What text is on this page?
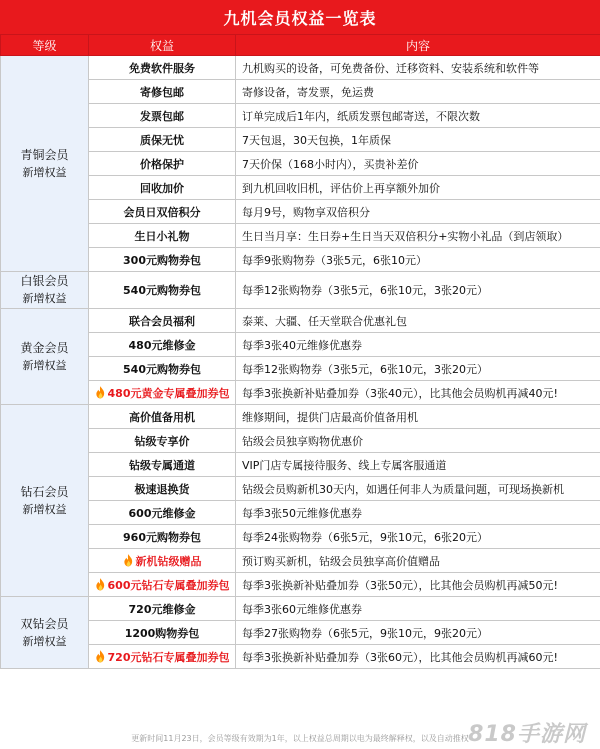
九机会员权益一览表
等级	权益	内容
青铜会员
新增权益	免费软件服务	九机购买的设备，可免费备份、迁移资料、安装系统和软件等
	寄修包邮	寄修设备，寄发票，免运费
	发票包邮	订单完成后1年内，纸质发票包邮寄送，不限次数
	质保无忧	7天包退，30天包换，1年质保
	价格保护	7天价保（168小时内），买贵补差价
	回收加价	到九机回收旧机，评估价上再享额外加价
	会员日双倍积分	每月9号，购物享双倍积分
	生日小礼物	生日当月享：生日券+生日当天双倍积分+实物小礼品（到店领取）
	300元购物券包	每季9张购物券（3张5元，6张10元）
白银会员
新增权益	540元购物券包	每季12张购物券（3张5元，6张10元，3张20元）
黄金会员
新增权益	联合会员福利	泰莱、大疆、任天堂联合优惠礼包
	480元维修金	每季3张40元维修优惠券
	540元购物券包	每季12张购物券（3张5元，6张10元，3张20元）
	480元黄金专属叠加券包	每季3张换新补贴叠加券（3张40元），比其他会员购机再减40元!
钻石会员
新增权益	高价值备用机	维修期间，提供门店最高价值备用机
	钻级专享价	钻级会员独享购物优惠价
	钻级专属通道	VIP门店专属接待服务、线上专属客服通道
	极速退换货	钻级会员购新机30天内，如遇任何非人为质量问题，可现场换新机
	600元维修金	每季3张50元维修优惠券
	960元购物券包	每季24张购物券（6张5元，9张10元，6张20元）
	新机钻级赠品	预订购买新机，钻级会员独享高价值赠品
	600元钻石专属叠加券包	每季3张换新补贴叠加券（3张50元），比其他会员购机再减50元!
双钻会员
新增权益	720元维修金	每季3张60元维修优惠券
	1200购物券包	每季27张购物券（6张5元，9张10元，9张20元）
	720元钻石专属叠加券包	每季3张换新补贴叠加券（3张60元），比其他会员购机再减60元!
更新时间11月23日，会员等级有效期为1年，以上权益总周期以电为最终解释权，以及自动推权 818手游网
